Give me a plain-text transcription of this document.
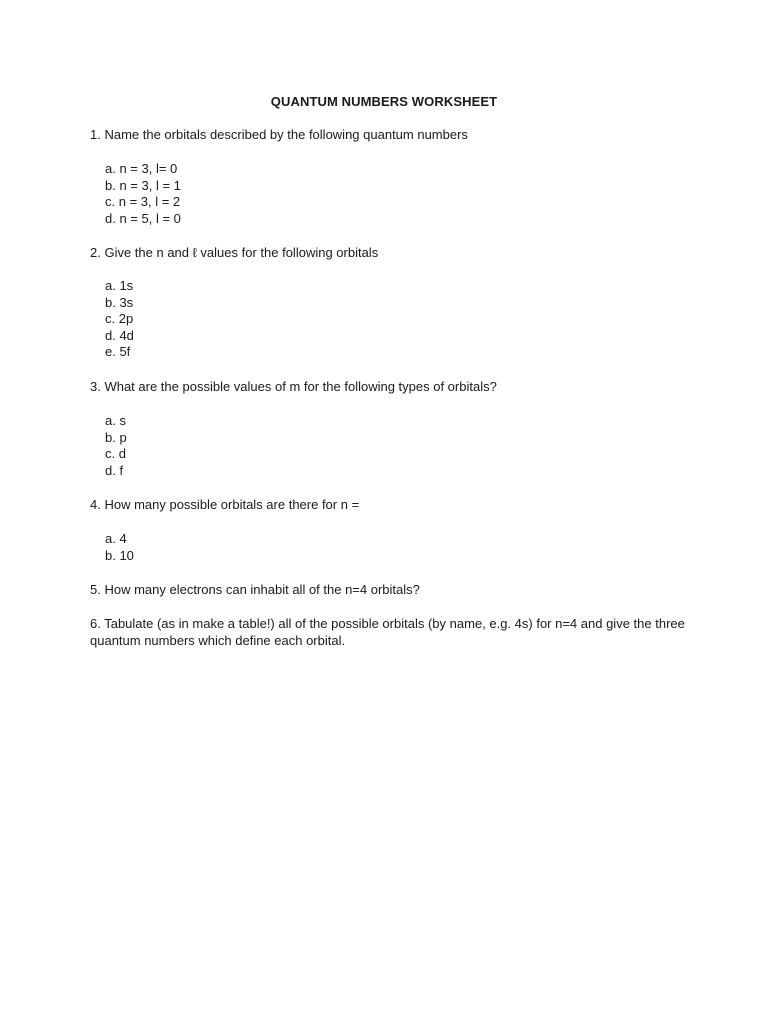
QUANTUM NUMBERS WORKSHEET

1. Name the orbitals described by the following quantum numbers

a. n = 3, l= 0
b. n = 3, l = 1
c. n = 3, l = 2
d. n = 5, l = 0

2. Give the n and ℓ values for the following orbitals

a. 1s
b. 3s
c. 2p
d. 4d
e. 5f

3. What are the possible values of m for the following types of orbitals?

a. s
b. p
c. d
d. f

4. How many possible orbitals are there for n =

a. 4
b. 10

5. How many electrons can inhabit all of the n=4 orbitals?

6. Tabulate (as in make a table!) all of the possible orbitals (by name, e.g. 4s) for n=4 and give the three quantum numbers which define each orbital.
